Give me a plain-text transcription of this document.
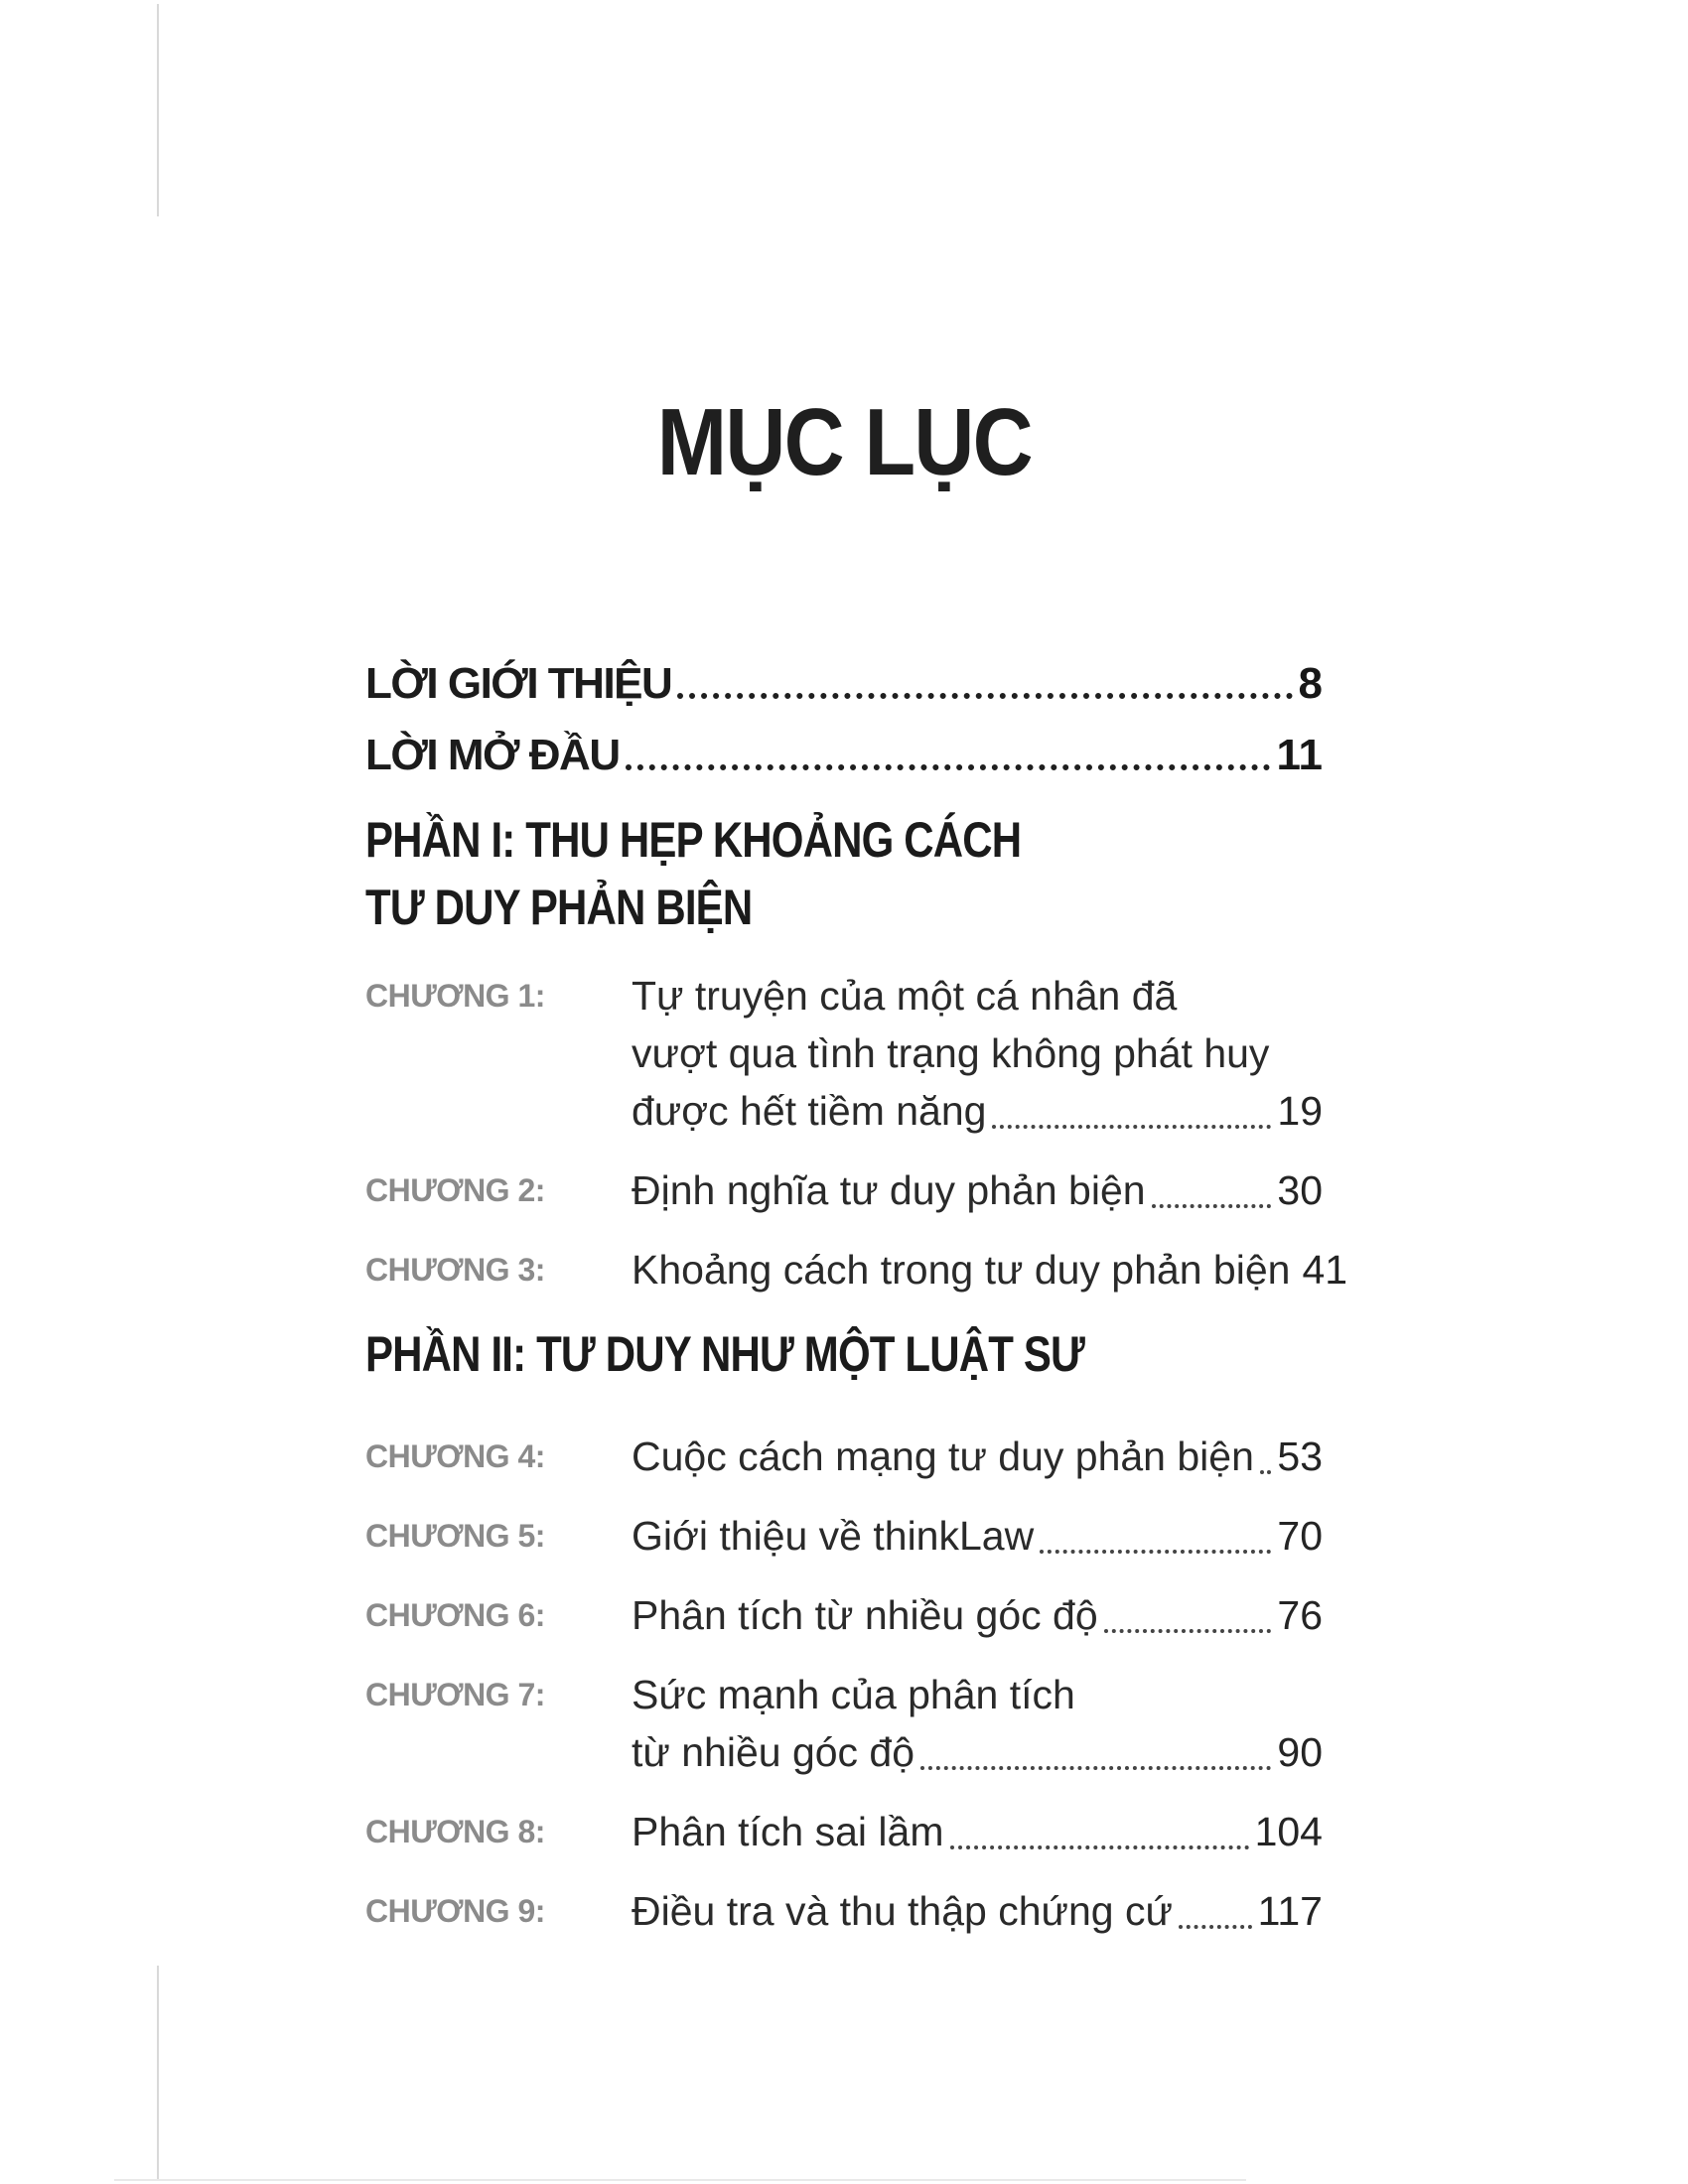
MỤC LỤC
LỜI GIỚI THIỆU	8
LỜI MỞ ĐẦU	11
PHẦN I: THU HẸP KHOẢNG CÁCH
TƯ DUY PHẢN BIỆN
CHƯƠNG 1:	Tự truyện của một cá nhân đã
vượt qua tình trạng không phát huy
được hết tiềm năng	19
CHƯƠNG 2:	Định nghĩa tư duy phản biện	30
CHƯƠNG 3:	Khoảng cách trong tư duy phản biện 41
PHẦN II: TƯ DUY NHƯ MỘT LUẬT SƯ
CHƯƠNG 4:	Cuộc cách mạng tư duy phản biện 53
CHƯƠNG 5:	Giới thiệu về thinkLaw	70
CHƯƠNG 6:	Phân tích từ nhiều góc độ	76
CHƯƠNG 7:	Sức mạnh của phân tích
từ nhiều góc độ	90
CHƯƠNG 8:	Phân tích sai lầm	104
CHƯƠNG 9:	Điều tra và thu thập chứng cứ 117
